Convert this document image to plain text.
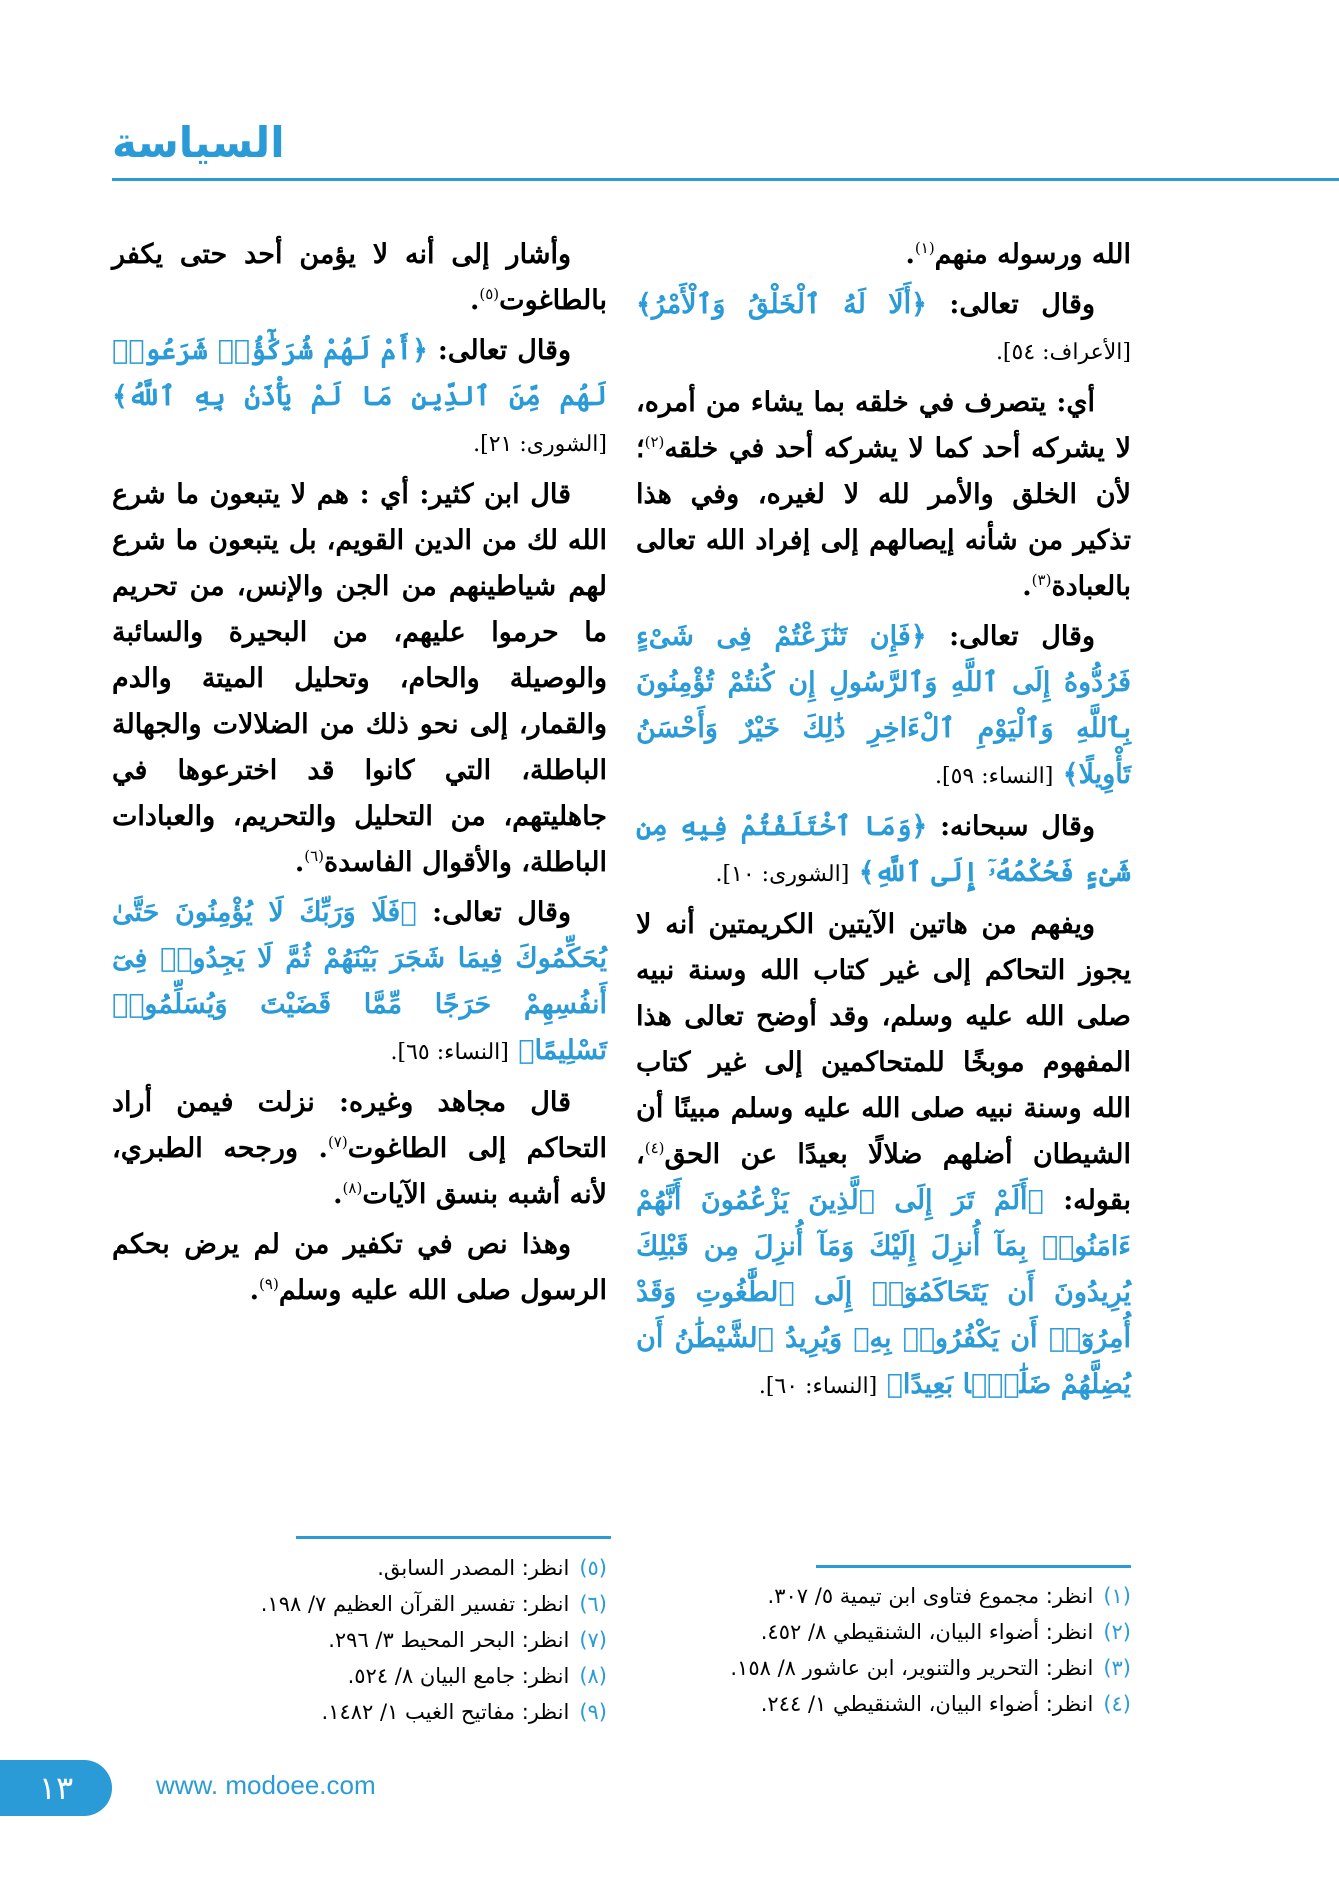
السياسة

الله ورسوله منهم$^{(١)}$.

وقال تعالى: ﴿أَلَا لَهُ ٱلْخَلْقُ وَٱلْأَمْرُ﴾ [الأعراف: ٥٤].

أي: يتصرف في خلقه بما يشاء من أمره، لا يشركه أحد كما لا يشركه أحد في خلقه$^{(٢)}$؛ لأن الخلق والأمر لله لا لغيره، وفي هذا تذكير من شأنه إيصالهم إلى إفراد الله تعالى بالعبادة$^{(٣)}$.

وقال تعالى: ﴿فَإِن تَنَٰزَعْتُمْ فِى شَىْءٍ فَرُدُّوهُ إِلَى ٱللَّهِ وَٱلرَّسُولِ إِن كُنتُمْ تُؤْمِنُونَ بِٱللَّهِ وَٱلْيَوْمِ ٱلْءَاخِرِ ذَٰلِكَ خَيْرٌ وَأَحْسَنُ تَأْوِيلًا﴾ [النساء: ٥٩].

وقال سبحانه: ﴿وَمَا ٱخْتَلَفْتُمْ فِيهِ مِن شَىْءٍ فَحُكْمُهُۥٓ إِلَى ٱللَّهِ﴾ [الشورى: ١٠].

ويفهم من هاتين الآيتين الكريمتين أنه لا يجوز التحاكم إلى غير كتاب الله وسنة نبيه صلى الله عليه وسلم، وقد أوضح تعالى هذا المفهوم موبخًا للمتحاكمين إلى غير كتاب الله وسنة نبيه صلى الله عليه وسلم مبينًا أن الشيطان أضلهم ضلالًا بعيدًا عن الحق$^{(٤)}$، بقوله: ﴿أَلَمْ تَرَ إِلَى ٱلَّذِينَ يَزْعُمُونَ أَنَّهُمْ ءَامَنُوا۟ بِمَآ أُنزِلَ إِلَيْكَ وَمَآ أُنزِلَ مِن قَبْلِكَ يُرِيدُونَ أَن يَتَحَاكَمُوٓا۟ إِلَى ٱلطَّٰغُوتِ وَقَدْ أُمِرُوٓا۟ أَن يَكْفُرُوا۟ بِهِۦ وَيُرِيدُ ٱلشَّيْطَٰنُ أَن يُضِلَّهُمْ ضَلَٰلًۢا بَعِيدًا﴾ [النساء: ٦٠].

وأشار إلى أنه لا يؤمن أحد حتى يكفر بالطاغوت$^{(٥)}$.

وقال تعالى: ﴿أَمْ لَهُمْ شُرَكَٰٓؤُا۟ شَرَعُوا۟ لَهُم مِّنَ ٱلدِّينِ مَا لَمْ يَأْذَنۢ بِهِ ٱللَّهُ﴾ [الشورى: ٢١].

قال ابن كثير: أي : هم لا يتبعون ما شرع الله لك من الدين القويم، بل يتبعون ما شرع لهم شياطينهم من الجن والإنس، من تحريم ما حرموا عليهم، من البحيرة والسائبة والوصيلة والحام، وتحليل الميتة والدم والقمار، إلى نحو ذلك من الضلالات والجهالة الباطلة، التي كانوا قد اخترعوها في جاهليتهم، من التحليل والتحريم، والعبادات الباطلة، والأقوال الفاسدة$^{(٦)}$.

وقال تعالى: ﴿فَلَا وَرَبِّكَ لَا يُؤْمِنُونَ حَتَّىٰ يُحَكِّمُوكَ فِيمَا شَجَرَ بَيْنَهُمْ ثُمَّ لَا يَجِدُوا۟ فِىٓ أَنفُسِهِمْ حَرَجًا مِّمَّا قَضَيْتَ وَيُسَلِّمُوا۟ تَسْلِيمًا﴾ [النساء: ٦٥].

قال مجاهد وغيره: نزلت فيمن أراد التحاكم إلى الطاغوت$^{(٧)}$. ورجحه الطبري، لأنه أشبه بنسق الآيات$^{(٨)}$.

وهذا نص في تكفير من لم يرض بحكم الرسول صلى الله عليه وسلم$^{(٩)}$.

(١)انظر: مجموع فتاوى ابن تيمية ٥/ ٣٠٧.
(٢)انظر: أضواء البيان، الشنقيطي ٨/ ٤٥٢.
(٣)انظر: التحرير والتنوير، ابن عاشور ٨/ ١٥٨.
(٤)انظر: أضواء البيان، الشنقيطي ١/ ٢٤٤.
(٥)انظر: المصدر السابق.
(٦)انظر: تفسير القرآن العظيم ٧/ ١٩٨.
(٧)انظر: البحر المحيط ٣/ ٢٩٦.
(٨)انظر: جامع البيان ٨/ ٥٢٤.
(٩)انظر: مفاتيح الغيب ١/ ١٤٨٢.
١٣	www. modoee.com
